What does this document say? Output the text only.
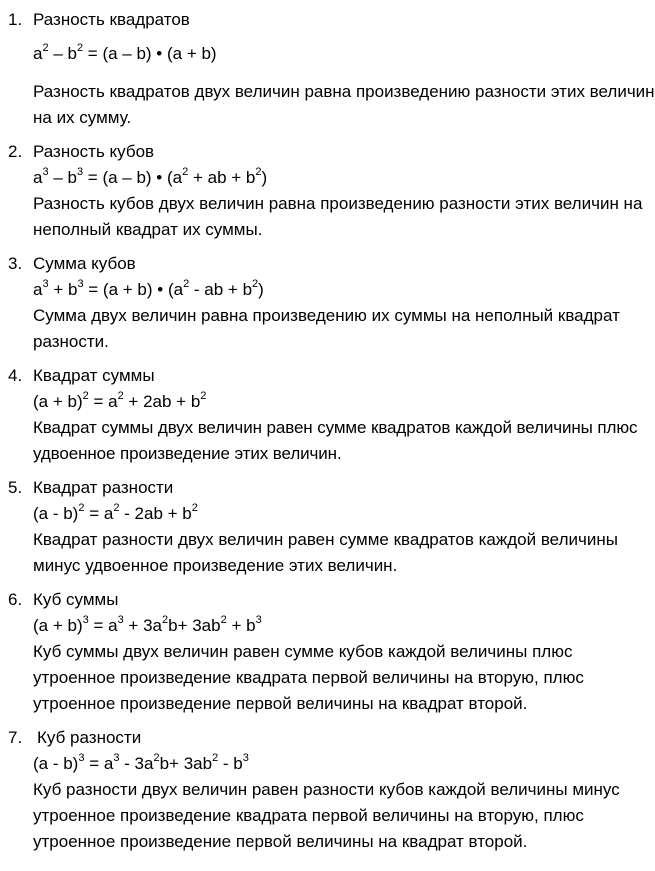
1. Разность квадратов
$a^2 - b^2 = (a - b)$ • (a + b)
Разность квадратов двух величин равна произведению разности этих величин на их сумму.
2. Разность кубов
$a^3 - b^3 = (a - b)$ • ($a^2$ + ab + $b^2$)
Разность кубов двух величин равна произведению разности этих величин на неполный квадрат их суммы.
3. Сумма кубов
$a^3 + b^3 = (a + b)$ • ($a^2$ - ab + $b^2$)
Сумма двух величин равна произведению их суммы на неполный квадрат разности.
4. Квадрат суммы
$(a + b)^2 = a^2 + 2ab + b^2$
Квадрат суммы двух величин равен сумме квадратов каждой величины плюс удвоенное произведение этих величин.
5. Квадрат разности
$(a - b)^2 = a^2 - 2ab + b^2$
Квадрат разности двух величин равен сумме квадратов каждой величины минус удвоенное произведение этих величин.
6. Куб суммы
$(a + b)^3 = a^3 + 3a^2b+ 3ab^2 + b^3$
Куб суммы двух величин равен сумме кубов каждой величины плюс утроенное произведение квадрата первой величины на вторую, плюс утроенное произведение первой величины на квадрат второй.
7. Куб разности
$(a - b)^3 = a^3 - 3a^2b+ 3ab^2 - b^3$
Куб разности двух величин равен разности кубов каждой величины минус утроенное произведение квадрата первой величины на вторую, плюс утроенное произведение первой величины на квадрат второй.
